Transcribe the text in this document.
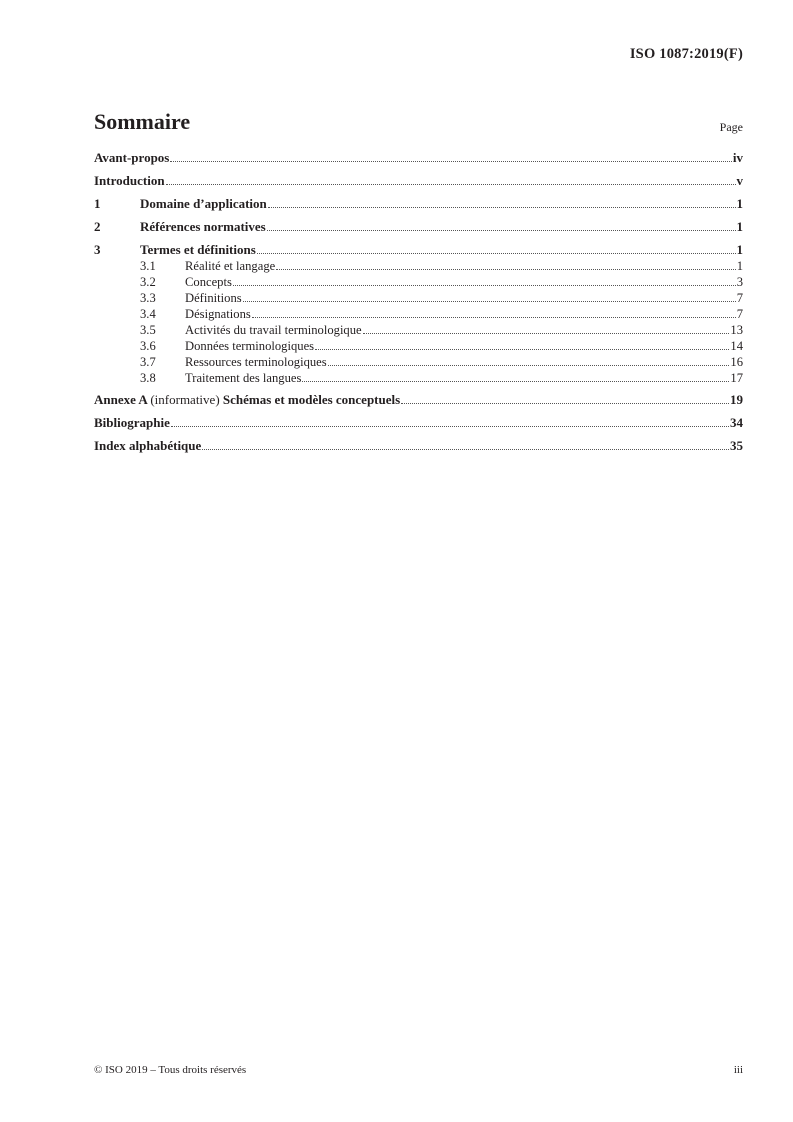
ISO 1087:2019(F)
Sommaire	Page
Avant-propos	iv
Introduction	v
1	Domaine d’application	1
2	Références normatives	1
3	Termes et définitions	1
3.1	Réalité et langage	1
3.2	Concepts	3
3.3	Définitions	7
3.4	Désignations	7
3.5	Activités du travail terminologique	13
3.6	Données terminologiques	14
3.7	Ressources terminologiques	16
3.8	Traitement des langues	17
Annexe A (informative) Schémas et modèles conceptuels	19
Bibliographie	34
Index alphabétique	35
© ISO 2019 – Tous droits réservés	iii
